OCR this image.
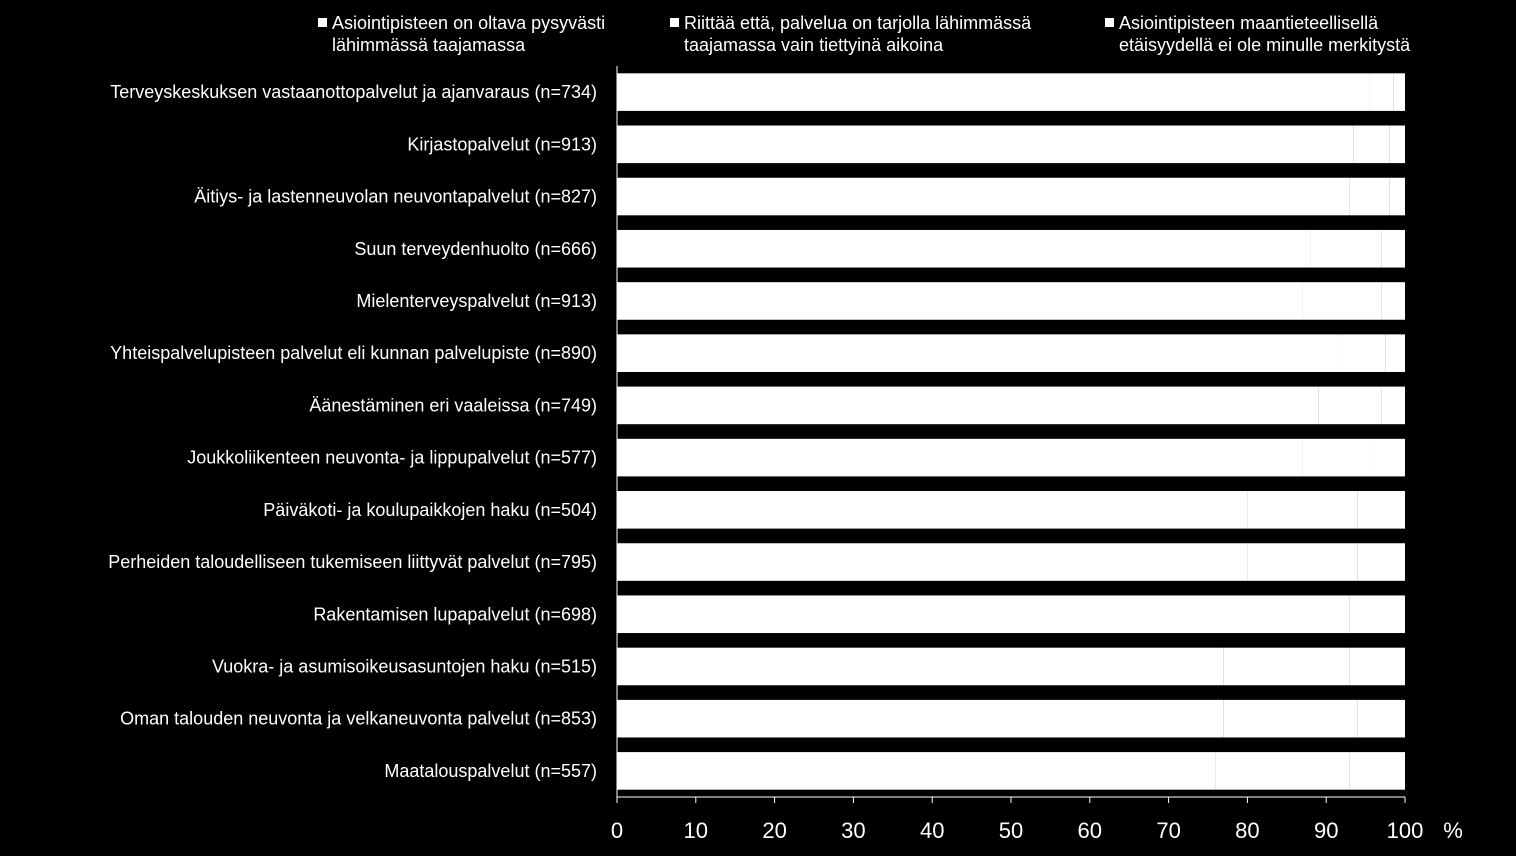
Asiointipisteen on oltava pysyvästi
lähimmässä taajamassa
Riittää että, palvelua on tarjolla lähimmässä
taajamassa vain tiettyinä aikoina
Asiointipisteen maantieteellisellä
etäisyydellä ei ole minulle merkitystä
Terveyskeskuksen vastaanottopalvelut ja ajanvaraus (n=734)
Kirjastopalvelut (n=913)
Äitiys- ja lastenneuvolan neuvontapalvelut (n=827)
Suun terveydenhuolto (n=666)
Mielenterveyspalvelut (n=913)
Yhteispalvelupisteen palvelut eli kunnan palvelupiste (n=890)
Äänestäminen eri vaaleissa (n=749)
Joukkoliikenteen neuvonta- ja lippupalvelut (n=577)
Päiväkoti- ja koulupaikkojen haku (n=504)
Perheiden taloudelliseen tukemiseen liittyvät palvelut (n=795)
Rakentamisen lupapalvelut (n=698)
Vuokra- ja asumisoikeusasuntojen haku (n=515)
Oman talouden neuvonta ja velkaneuvonta palvelut (n=853)
Maatalouspalvelut (n=557)
0	10 20 30 40 50 60 70 80 90 100 %
